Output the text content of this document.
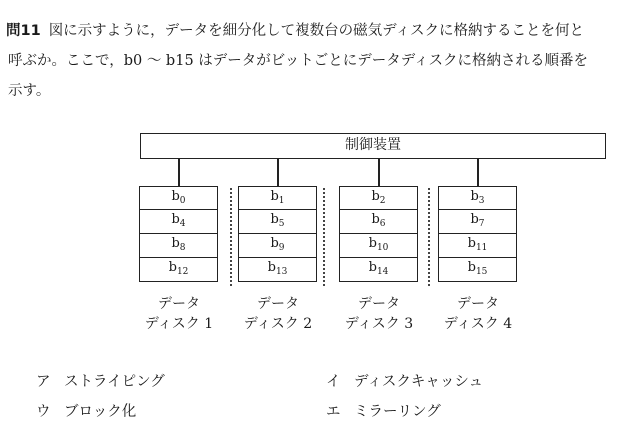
問11 図に示すように，データを細分化して複数台の磁気ディスクに格納することを何と
呼ぶか。ここで，b0 ～ b15 はデータがビットごとにデータディスクに格納される順番を
示す。
制御装置
$b_0$
$b_4$
$b_8$
$b_{12}$
$b_1$
$b_5$
$b_9$
$b_{13}$
$b_2$
$b_6$
$b_{10}$
$b_{14}$
$b_3$
$b_7$
$b_{11}$
$b_{15}$
データ
ディスク 1
データ
ディスク 2
データ
ディスク 3
データ
ディスク 4
ア ストライピング	イ ディスクキャッシュ
ウ ブロック化	エ ミラーリング
